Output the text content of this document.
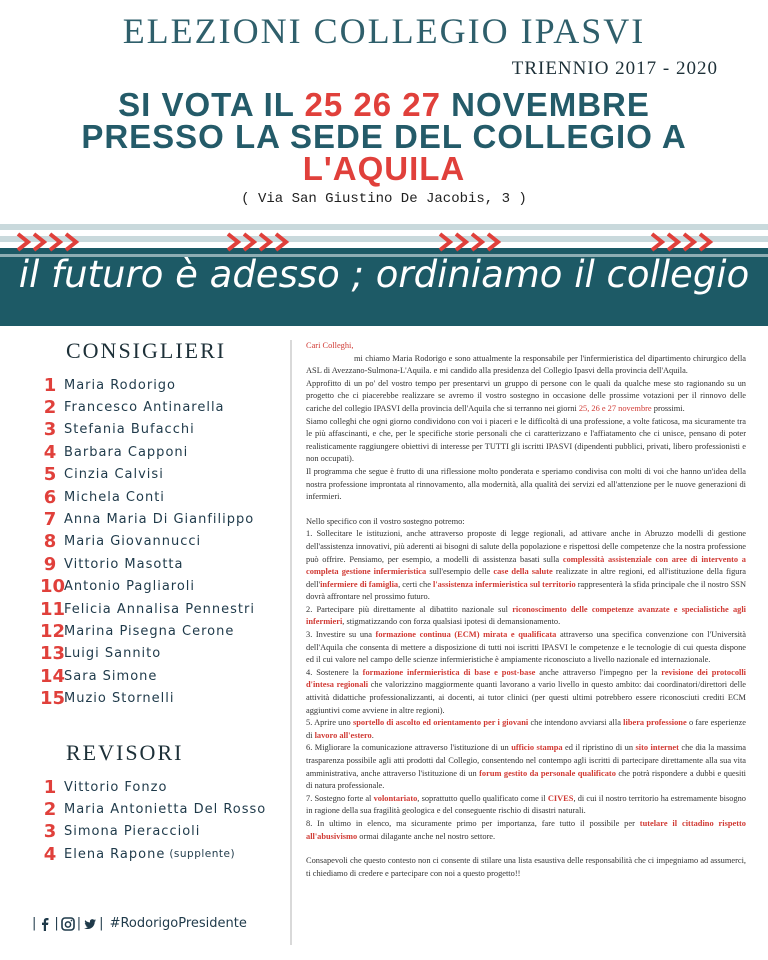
ELEZIONI COLLEGIO IPASVI
TRIENNIO 2017 - 2020
SI VOTA IL 25 26 27 NOVEMBRE
PRESSO LA SEDE DEL COLLEGIO A
L'AQUILA
( Via San Giustino De Jacobis, 3 )
il futuro è adesso ; ordiniamo il collegio
CONSIGLIERI
1 Maria Rodorigo
2 Francesco Antinarella
3 Stefania Bufacchi
4 Barbara Capponi
5 Cinzia Calvisi
6 Michela Conti
7 Anna Maria Di Gianfilippo
8 Maria Giovannucci
9 Vittorio Masotta
10
Antonio Pagliaroli
11
Felicia Annalisa Pennestri
12
Marina Pisegna Cerone
13
Luigi Sannito
14
Sara Simone
15
Muzio Stornelli
REVISORI
1 Vittorio Fonzo
2 Maria Antonietta Del Rosso
3 Simona Pieraccioli
4 Elena Rapone (supplente)
| | | | #RodorigoPresidente

Cari Colleghi,

mi chiamo Maria Rodorigo e sono attualmente la responsabile per l'infermieristica del dipartimento chirurgico della ASL di Avezzano-Sulmona-L'Aquila. e mi candido alla presidenza del Collegio Ipasvi della provincia dell'Aquila.

Approfitto di un po' del vostro tempo per presentarvi un gruppo di persone con le quali da qualche mese sto ragionando su un progetto che ci piacerebbe realizzare se avremo il vostro sostegno in occasione delle prossime votazioni per il rinnovo delle cariche del collegio IPASVI della provincia dell'Aquila che si terranno nei giorni 25, 26 e 27 novembre prossimi.

Siamo colleghi che ogni giorno condividono con voi i piaceri e le difficoltà di una professione, a volte faticosa, ma sicuramente tra le più affascinanti, e che, per le specifiche storie personali che ci caratterizzano e l'affiatamento che ci unisce, pensano di poter realisticamente raggiungere obiettivi di interesse per TUTTI gli iscritti IPASVI (dipendenti pubblici, privati, libero professionisti e non occupati).

Il programma che segue è frutto di una riflessione molto ponderata e speriamo condivisa con molti di voi che hanno un'idea della nostra professione improntata al rinnovamento, alla modernità, alla qualità dei servizi ed all'attenzione per le nuove generazioni di infermieri.

Nello specifico con il vostro sostegno potremo:

1. Sollecitare le istituzioni, anche attraverso proposte di legge regionali, ad attivare anche in Abruzzo modelli di gestione dell'assistenza innovativi, più aderenti ai bisogni di salute della popolazione e rispettosi delle competenze che la nostra professione può offrire. Pensiamo, per esempio, a modelli di assistenza basati sulla complessità assistenziale con aree di intervento a completa gestione infermieristica sull'esempio delle case della salute realizzate in altre regioni, ed all'istituzione della figura dell'infermiere di famiglia, certi che l'assistenza infermieristica sul territorio rappresenterà la sfida principale che il nostro SSN dovrà affrontare nel prossimo futuro.

2. Partecipare più direttamente al dibattito nazionale sul riconoscimento delle competenze avanzate e specialistiche agli infermieri, stigmatizzando con forza qualsiasi ipotesi di demansionamento.

3. Investire su una formazione continua (ECM) mirata e qualificata attraverso una specifica convenzione con l'Università dell'Aquila che consenta di mettere a disposizione di tutti noi iscritti IPASVI le competenze e le tecnologie di cui questa dispone ed il cui valore nel campo delle scienze infermieristiche è ampiamente riconosciuto a livello nazionale ed internazionale.

4. Sostenere la formazione infermieristica di base e post-base anche attraverso l'impegno per la revisione dei protocolli d'intesa regionali che valorizzino maggiormente quanti lavorano a vario livello in questo ambito: dai coordinatori/direttori delle attività didattiche professionalizzanti, ai docenti, ai tutor clinici (per questi ultimi potrebbero essere riconosciuti crediti ECM aggiuntivi come avviene in altre regioni).

5. Aprire uno sportello di ascolto ed orientamento per i giovani che intendono avviarsi alla libera professione o fare esperienze di lavoro all'estero.

6. Migliorare la comunicazione attraverso l'istituzione di un ufficio stampa ed il ripristino di un sito internet che dia la massima trasparenza possibile agli atti prodotti dal Collegio, consentendo nel contempo agli iscritti di partecipare direttamente alla sua vita amministrativa, anche attraverso l'istituzione di un forum gestito da personale qualificato che potrà rispondere a dubbi e quesiti di natura professionale.

7. Sostegno forte al volontariato, soprattutto quello qualificato come il CIVES, di cui il nostro territorio ha estremamente bisogno in ragione della sua fragilità geologica e del conseguente rischio di disastri naturali.

8. In ultimo in elenco, ma sicuramente primo per importanza, fare tutto il possibile per tutelare il cittadino rispetto all'abusivismo ormai dilagante anche nel nostro settore.

Consapevoli che questo contesto non ci consente di stilare una lista esaustiva delle responsabilità che ci impegniamo ad assumerci, ti chiediamo di credere e partecipare con noi a questo progetto!!
